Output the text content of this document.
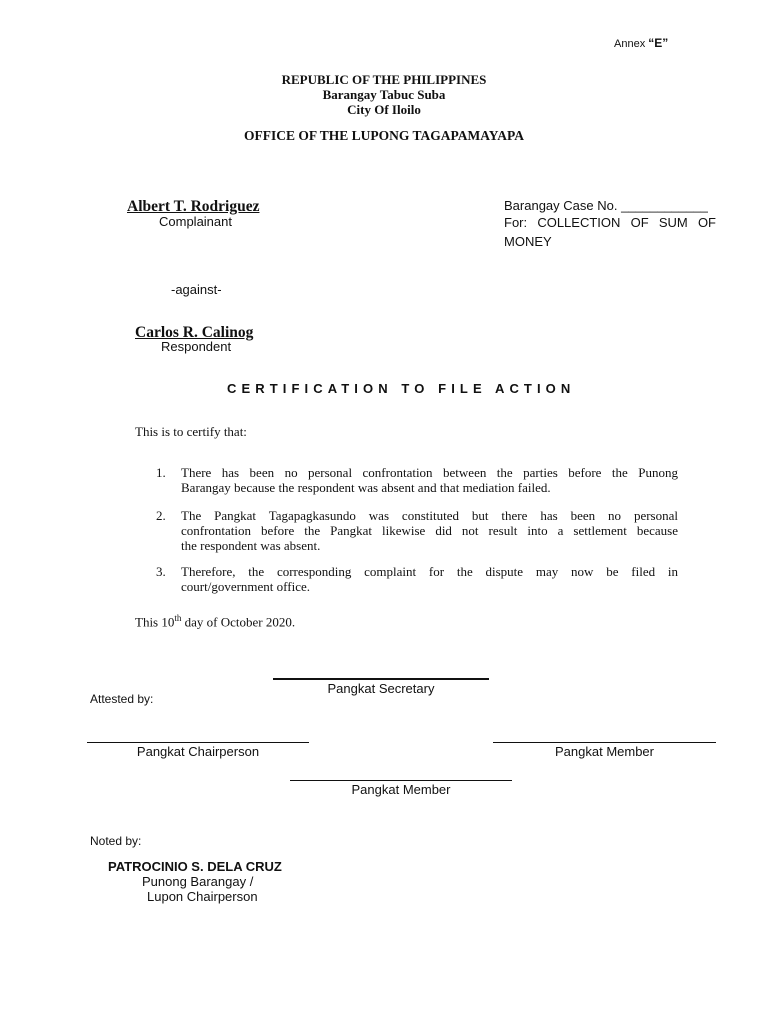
Annex “E”
REPUBLIC OF THE PHILIPPINES
Barangay Tabuc Suba
City Of Iloilo
OFFICE OF THE LUPONG TAGAPAMAYAPA
Albert T. Rodriguez
Complainant
Barangay Case No. ____________
For: COLLECTION OF SUM OF
MONEY
-against-
Carlos R. Calinog
Respondent
CERTIFICATION TO FILE ACTION
This is to certify that:
1. There has been no personal confrontation between the parties before the Punong
Barangay because the respondent was absent and that mediation failed.
2. The Pangkat Tagapagkasundo was constituted but there has been no personal
confrontation before the Pangkat likewise did not result into a settlement because
the respondent was absent.
3. Therefore, the corresponding complaint for the dispute may now be filed in
court/government office.
This 10th day of October 2020.
Pangkat Secretary
Attested by:
Pangkat Chairperson	Pangkat Member
Pangkat Member
Noted by:
PATROCINIO S. DELA CRUZ
Punong Barangay /
Lupon Chairperson
